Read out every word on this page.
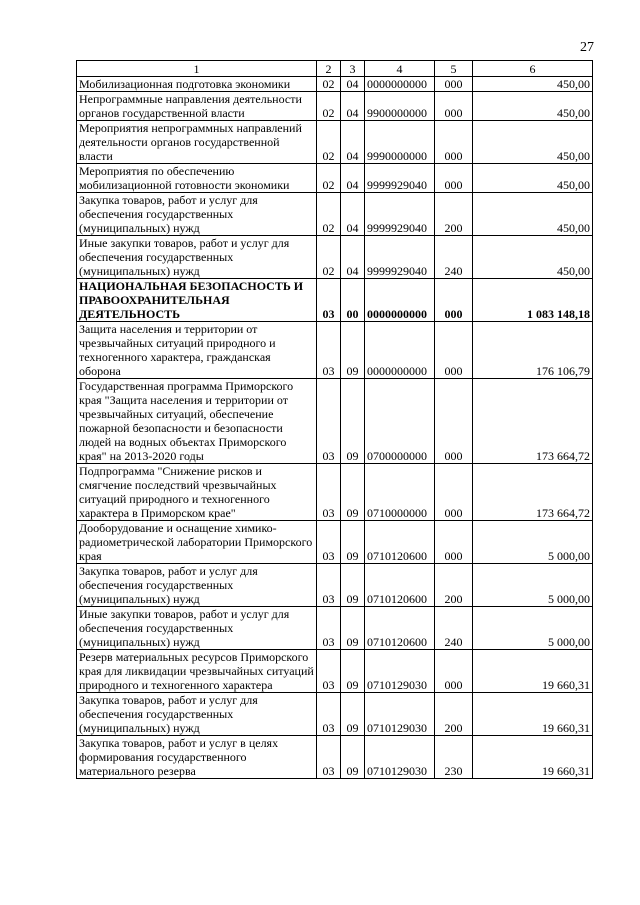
27
1	2	3	4	5	6
Мобилизационная подготовка экономики	02	04	0000000000	000	450,00
Непрограммные направления деятельности органов государственной власти	02	04	9900000000	000	450,00
Мероприятия непрограммных направлений деятельности органов государственной власти	02	04	9990000000	000	450,00
Мероприятия по обеспечению мобилизационной готовности экономики	02	04	9999929040	000	450,00
Закупка товаров, работ и услуг для обеспечения государственных (муниципальных) нужд	02	04	9999929040	200	450,00
Иные закупки товаров, работ и услуг для обеспечения государственных (муниципальных) нужд	02	04	9999929040	240	450,00
НАЦИОНАЛЬНАЯ БЕЗОПАСНОСТЬ И ПРАВООХРАНИТЕЛЬНАЯ ДЕЯТЕЛЬНОСТЬ	03	00	0000000000	000	1 083 148,18
Защита населения и территории от чрезвычайных ситуаций природного и техногенного характера, гражданская оборона	03	09	0000000000	000	176 106,79
Государственная программа Приморского края "Защита населения и территории от чрезвычайных ситуаций, обеспечение пожарной безопасности и безопасности людей на водных объектах Приморского края" на 2013-2020 годы	03	09	0700000000	000	173 664,72
Подпрограмма "Снижение рисков и смягчение последствий чрезвычайных ситуаций природного и техногенного характера в Приморском крае"	03	09	0710000000	000	173 664,72
Дооборудование и оснащение химико-радиометрической лаборатории Приморского края	03	09	0710120600	000	5 000,00
Закупка товаров, работ и услуг для обеспечения государственных (муниципальных) нужд	03	09	0710120600	200	5 000,00
Иные закупки товаров, работ и услуг для обеспечения государственных (муниципальных) нужд	03	09	0710120600	240	5 000,00
Резерв материальных ресурсов Приморского края для ликвидации чрезвычайных ситуаций природного и техногенного характера	03	09	0710129030	000	19 660,31
Закупка товаров, работ и услуг для обеспечения государственных (муниципальных) нужд	03	09	0710129030	200	19 660,31
Закупка товаров, работ и услуг в целях формирования государственного материального резерва	03	09	0710129030	230	19 660,31
